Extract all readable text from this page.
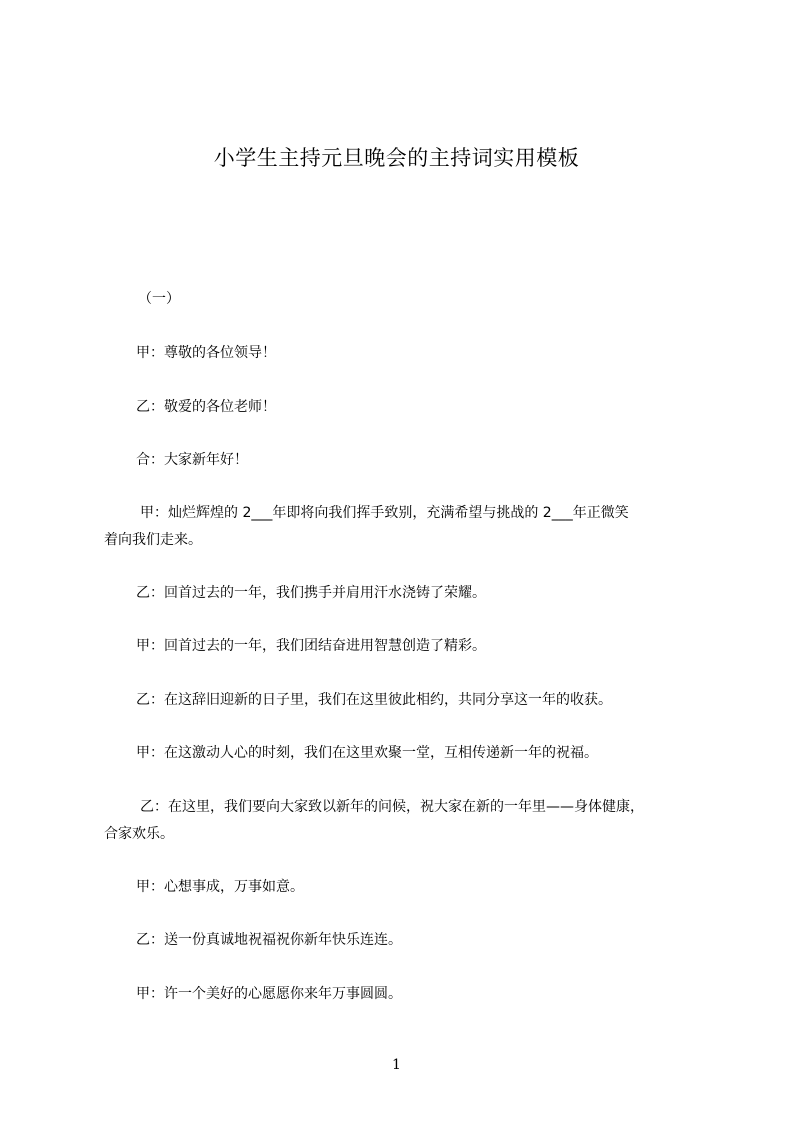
小学生主持元旦晚会的主持词实用模板

（一）

甲：尊敬的各位领导！

乙：敬爱的各位老师！

合：大家新年好！

甲：灿烂辉煌的 2___年即将向我们挥手致别，充满希望与挑战的 2___年正微笑
着向我们走来。

乙：回首过去的一年，我们携手并肩用汗水浇铸了荣耀。

甲：回首过去的一年，我们团结奋进用智慧创造了精彩。

乙：在这辞旧迎新的日子里，我们在这里彼此相约，共同分享这一年的收获。

甲：在这激动人心的时刻，我们在这里欢聚一堂，互相传递新一年的祝福。

乙：在这里，我们要向大家致以新年的问候，祝大家在新的一年里——身体健康，
合家欢乐。

甲：心想事成，万事如意。

乙：送一份真诚地祝福祝你新年快乐连连。

甲：许一个美好的心愿愿你来年万事圆圆。

1
